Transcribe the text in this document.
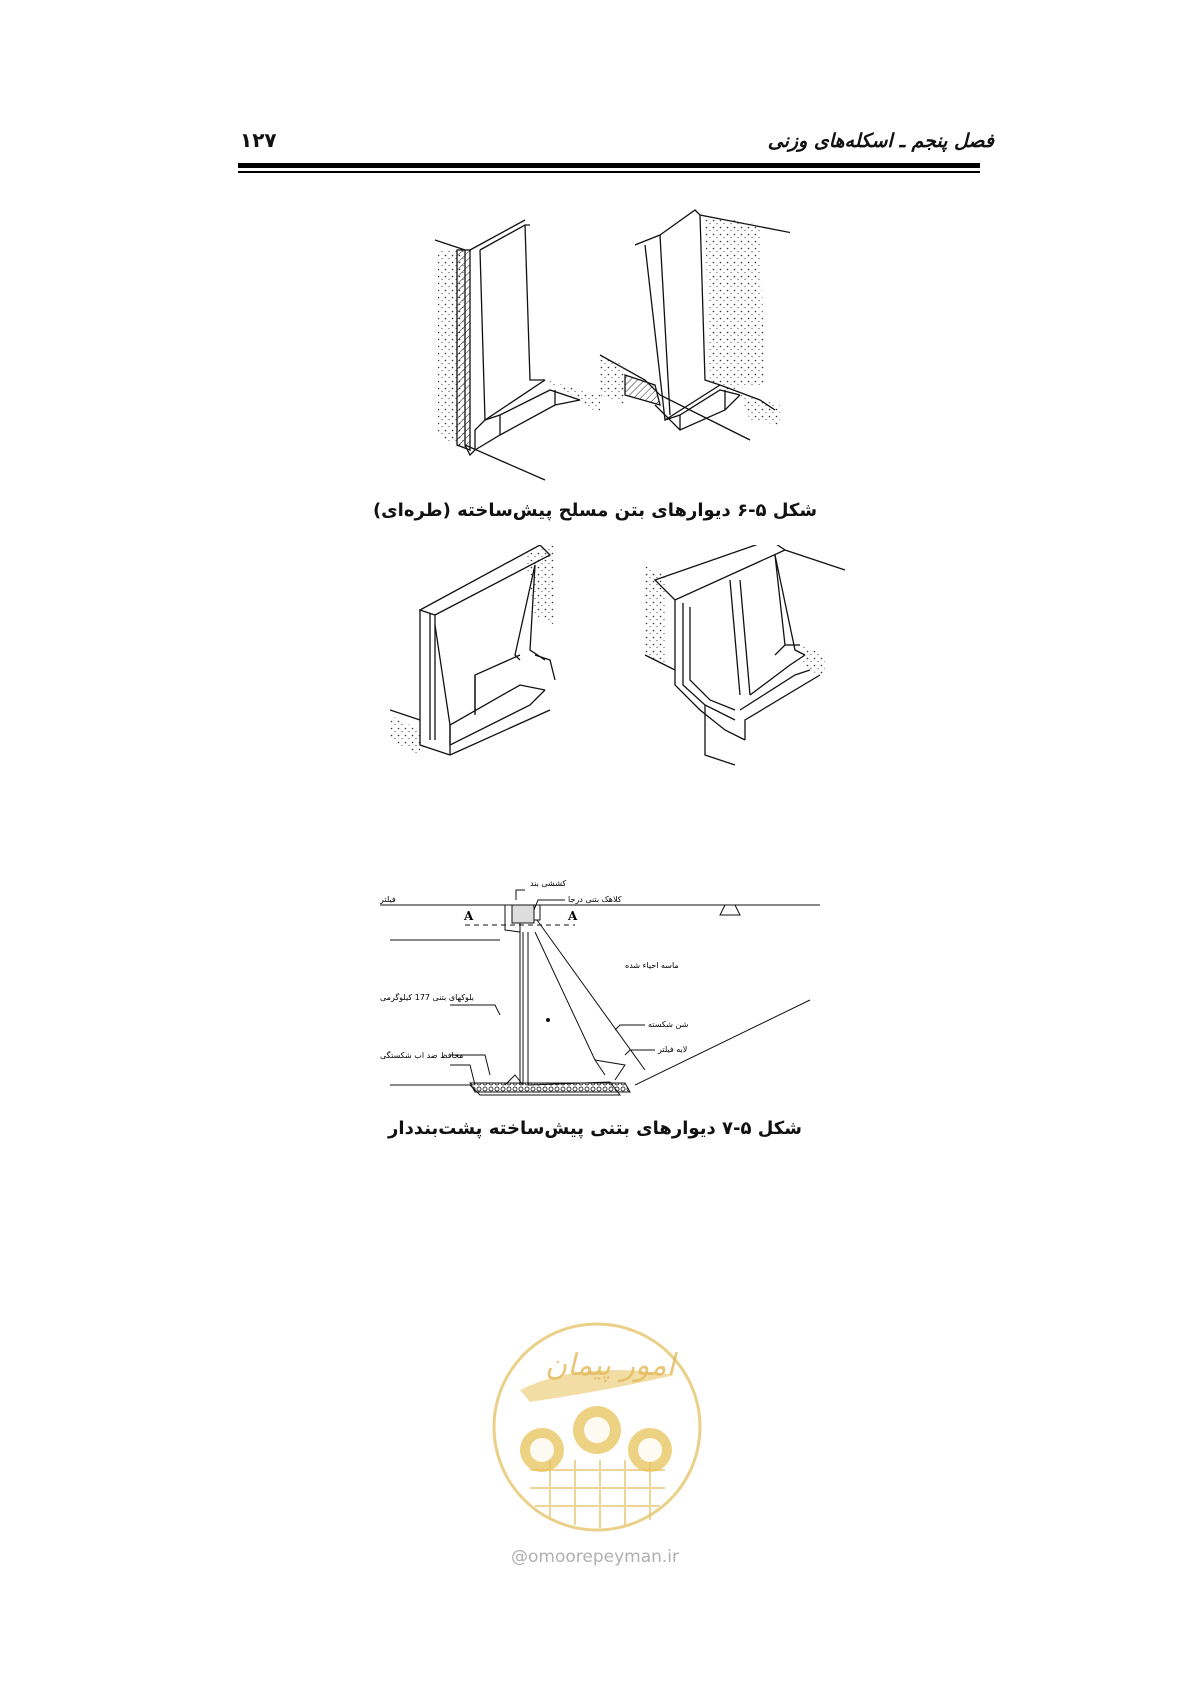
فصل پنجم ـ اسکله‌های وزنی
۱۲۷
شکل ۵-۶ دیوارهای بتن مسلح پیش‌ساخته (طره‌ای)
کششی بند
کلاهک بتنی درجا
فیلتر
A	A
ماسه احیاء شده
بلوکهای بتنی 177 کیلوگرمی
شن شکسته
لایه فیلتر
محافظ ضد اب شکستگی
شکل ۵-۷ دیوارهای بتنی پیش‌ساخته پشت‌بنددار
امور پیمان
@omoorepeyman.ir
